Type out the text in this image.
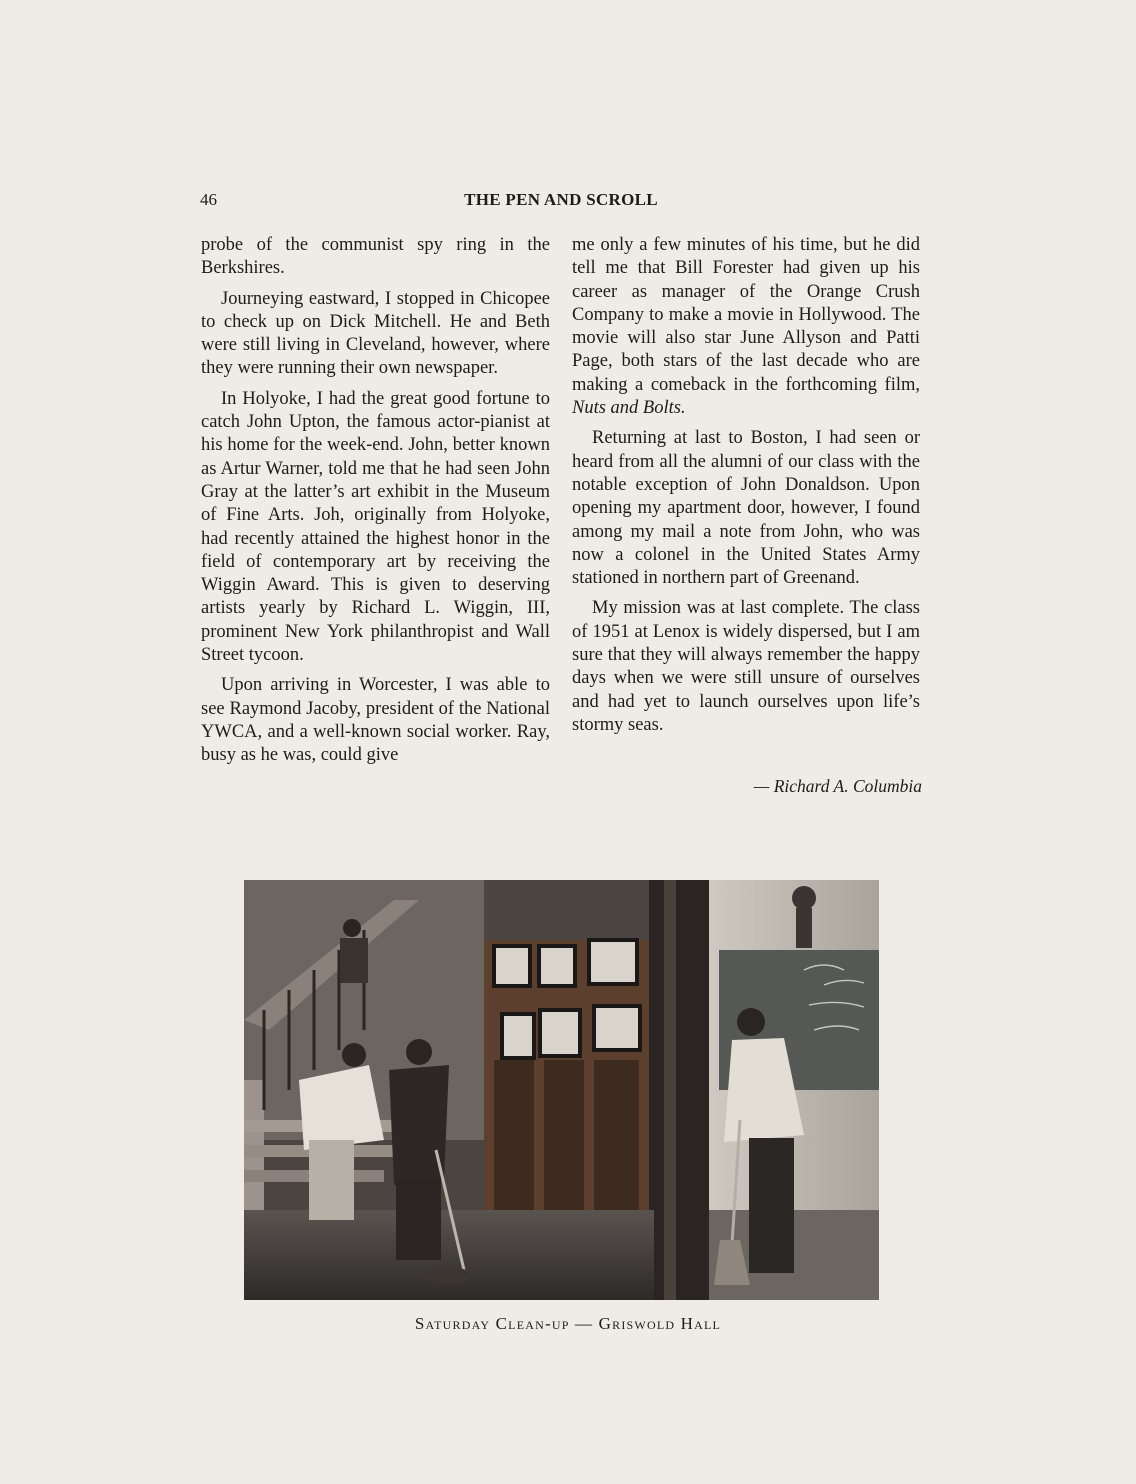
46	THE PEN AND SCROLL

probe of the communist spy ring in the Berkshires.

Journeying eastward, I stopped in Chicopee to check up on Dick Mitchell. He and Beth were still living in Cleveland, however, where they were running their own newspaper.

In Holyoke, I had the great good fortune to catch John Upton, the famous actor-pianist at his home for the week-end. John, better known as Artur Warner, told me that he had seen John Gray at the latter’s art exhibit in the Museum of Fine Arts. Joh, originally from Holyoke, had recently attained the highest honor in the field of contemporary art by receiving the Wiggin Award. This is given to deserving artists yearly by Richard L. Wiggin, III, prominent New York philanthropist and Wall Street tycoon.

Upon arriving in Worcester, I was able to see Raymond Jacoby, president of the National YWCA, and a well-known social worker. Ray, busy as he was, could give

me only a few minutes of his time, but he did tell me that Bill Forester had given up his career as manager of the Orange Crush Company to make a movie in Hollywood. The movie will also star June Allyson and Patti Page, both stars of the last decade who are making a comeback in the forthcoming film, Nuts and Bolts.

Returning at last to Boston, I had seen or heard from all the alumni of our class with the notable exception of John Donaldson. Upon opening my apartment door, however, I found among my mail a note from John, who was now a colonel in the United States Army stationed in northern part of Greenand.

My mission was at last complete. The class of 1951 at Lenox is widely dispersed, but I am sure that they will always remember the happy days when we were still unsure of ourselves and had yet to launch ourselves upon life’s stormy seas.

— Richard A. Columbia
Saturday Clean-up — Griswold Hall
